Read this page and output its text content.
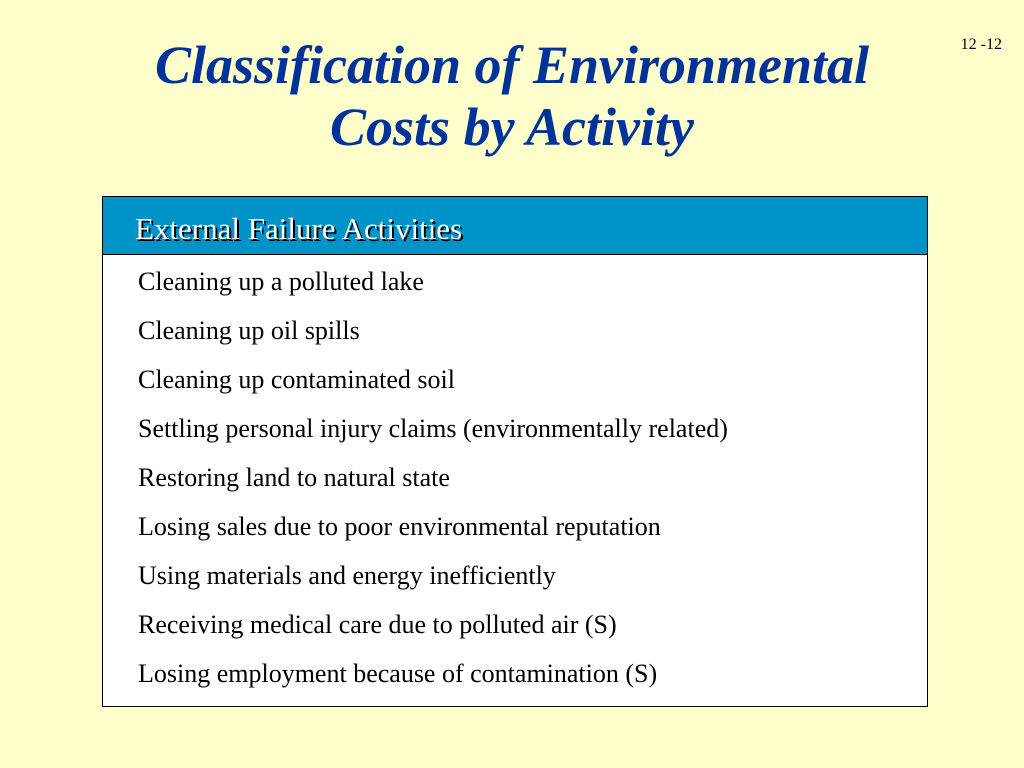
12 -12
Classification of Environmental
Costs by Activity
External Failure Activities
Cleaning up a polluted lake
Cleaning up oil spills
Cleaning up contaminated soil
Settling personal injury claims (environmentally related)
Restoring land to natural state
Losing sales due to poor environmental reputation
Using materials and energy inefficiently
Receiving medical care due to polluted air (S)
Losing employment because of contamination (S)
